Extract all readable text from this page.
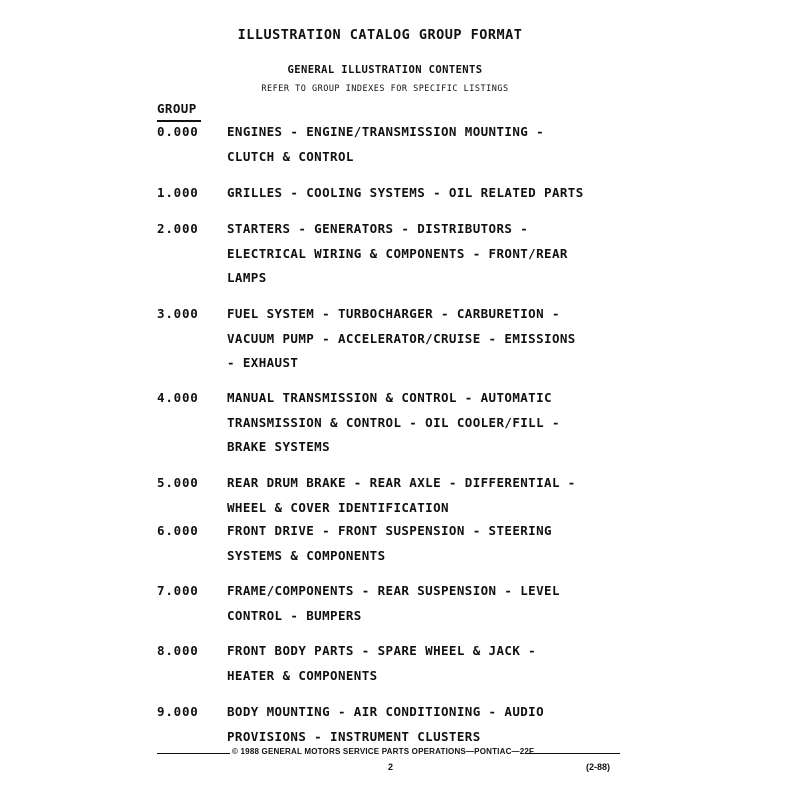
ILLUSTRATION CATALOG GROUP FORMAT
GENERAL ILLUSTRATION CONTENTS
REFER TO GROUP INDEXES FOR SPECIFIC LISTINGS
GROUP
0.000 ENGINES - ENGINE/TRANSMISSION MOUNTING -
CLUTCH & CONTROL
1.000 GRILLES - COOLING SYSTEMS - OIL RELATED PARTS
2.000 STARTERS - GENERATORS - DISTRIBUTORS -
ELECTRICAL WIRING & COMPONENTS - FRONT/REAR
LAMPS
3.000 FUEL SYSTEM - TURBOCHARGER - CARBURETION -
VACUUM PUMP - ACCELERATOR/CRUISE - EMISSIONS
- EXHAUST
4.000 MANUAL TRANSMISSION & CONTROL - AUTOMATIC
TRANSMISSION & CONTROL - OIL COOLER/FILL -
BRAKE SYSTEMS
5.000 REAR DRUM BRAKE - REAR AXLE - DIFFERENTIAL -
WHEEL & COVER IDENTIFICATION
6.000 FRONT DRIVE - FRONT SUSPENSION - STEERING
SYSTEMS & COMPONENTS
7.000 FRAME/COMPONENTS - REAR SUSPENSION - LEVEL
CONTROL - BUMPERS
8.000 FRONT BODY PARTS - SPARE WHEEL & JACK -
HEATER & COMPONENTS
9.000 BODY MOUNTING - AIR CONDITIONING - AUDIO
PROVISIONS - INSTRUMENT CLUSTERS
© 1988 GENERAL MOTORS SERVICE PARTS OPERATIONS—PONTIAC—22F
2	(2-88)
